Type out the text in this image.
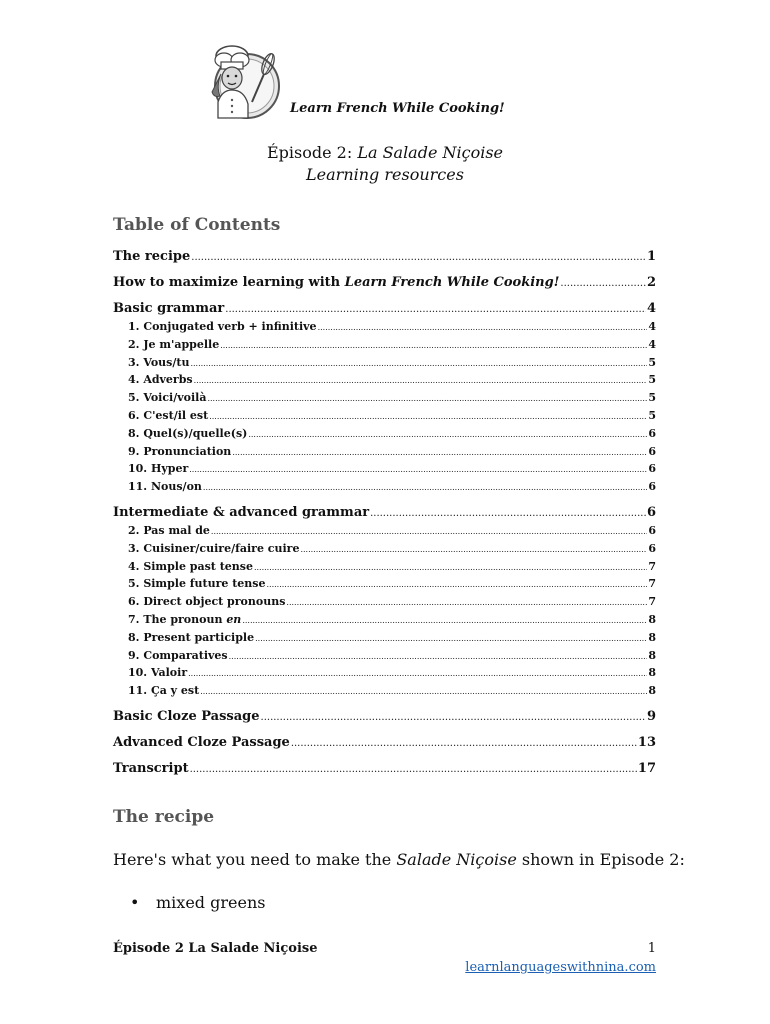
Learn French While Cooking!
Épisode 2: La Salade Niçoise
Learning resources
Table of Contents
The recipe .....	1
How to maximize learning with Learn French While Cooking! .....	2
Basic grammar .....	4
1. Conjugated verb + infinitive .....	4
2. Je m'appelle .....	4
3. Vous/tu .....	5
4. Adverbs .....	5
5. Voici/voilà .....	5
6. C'est/il est .....	5
8. Quel(s)/quelle(s) .....	6
9. Pronunciation .....	6
10. Hyper .....	6
11. Nous/on .....	6
Intermediate & advanced grammar .....	6
2. Pas mal de .....	6
3. Cuisiner/cuire/faire cuire .....	6
4. Simple past tense .....	7
5. Simple future tense .....	7
6. Direct object pronouns .....	7
7. The pronoun en .....	8
8. Present participle .....	8
9. Comparatives .....	8
10. Valoir .....	8
11. Ça y est .....	8
Basic Cloze Passage .....	9
Advanced Cloze Passage .....	13
Transcript .....	17
The recipe
Here's what you need to make the Salade Niçoise shown in Episode 2:
• mixed greens
Épisode 2 La Salade Niçoise	1
learnlanguageswithnina.com
